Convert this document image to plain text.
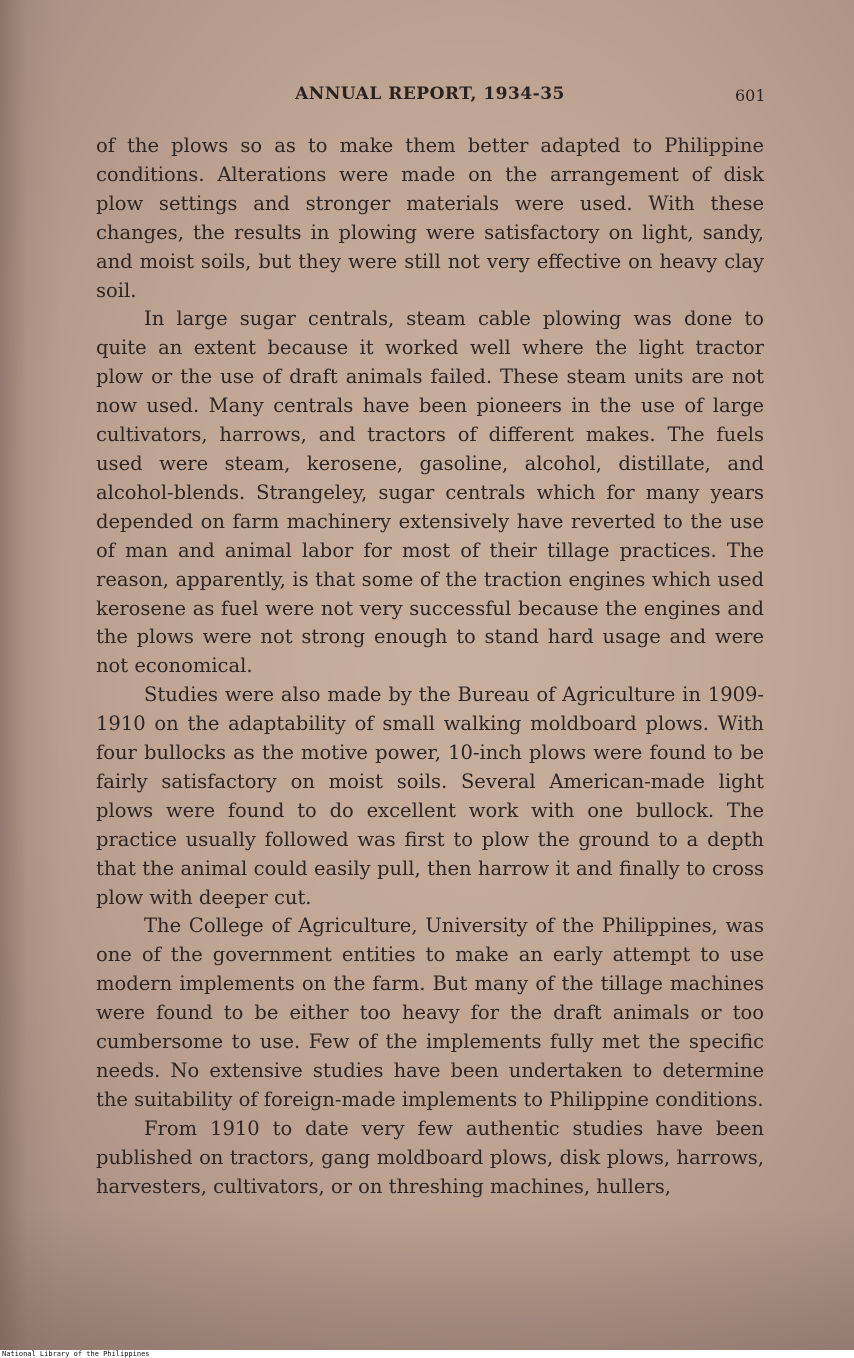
ANNUAL REPORT, 1934-35	601

of the plows so as to make them better adapted to Philippine conditions. Alterations were made on the arrangement of disk plow settings and stronger materials were used. With these changes, the results in plowing were satisfactory on light, sandy, and moist soils, but they were still not very effective on heavy clay soil.

In large sugar centrals, steam cable plowing was done to quite an extent because it worked well where the light tractor plow or the use of draft animals failed. These steam units are not now used. Many centrals have been pioneers in the use of large cultivators, harrows, and tractors of different makes. The fuels used were steam, kerosene, gasoline, alcohol, distillate, and alcohol-blends. Strangeley, sugar centrals which for many years depended on farm machinery extensively have reverted to the use of man and animal labor for most of their tillage practices. The reason, apparently, is that some of the traction engines which used kerosene as fuel were not very successful because the engines and the plows were not strong enough to stand hard usage and were not economical.

Studies were also made by the Bureau of Agriculture in 1909-1910 on the adaptability of small walking moldboard plows. With four bullocks as the motive power, 10-inch plows were found to be fairly satisfactory on moist soils. Several American-made light plows were found to do excellent work with one bullock. The practice usually followed was first to plow the ground to a depth that the animal could easily pull, then harrow it and finally to cross plow with deeper cut.

The College of Agriculture, University of the Philippines, was one of the government entities to make an early attempt to use modern implements on the farm. But many of the tillage machines were found to be either too heavy for the draft animals or too cumbersome to use. Few of the implements fully met the specific needs. No extensive studies have been undertaken to determine the suitability of foreign-made implements to Philippine conditions.

From 1910 to date very few authentic studies have been published on tractors, gang moldboard plows, disk plows, harrows, harvesters, cultivators, or on threshing machines, hullers,

National Library of the Philippines
